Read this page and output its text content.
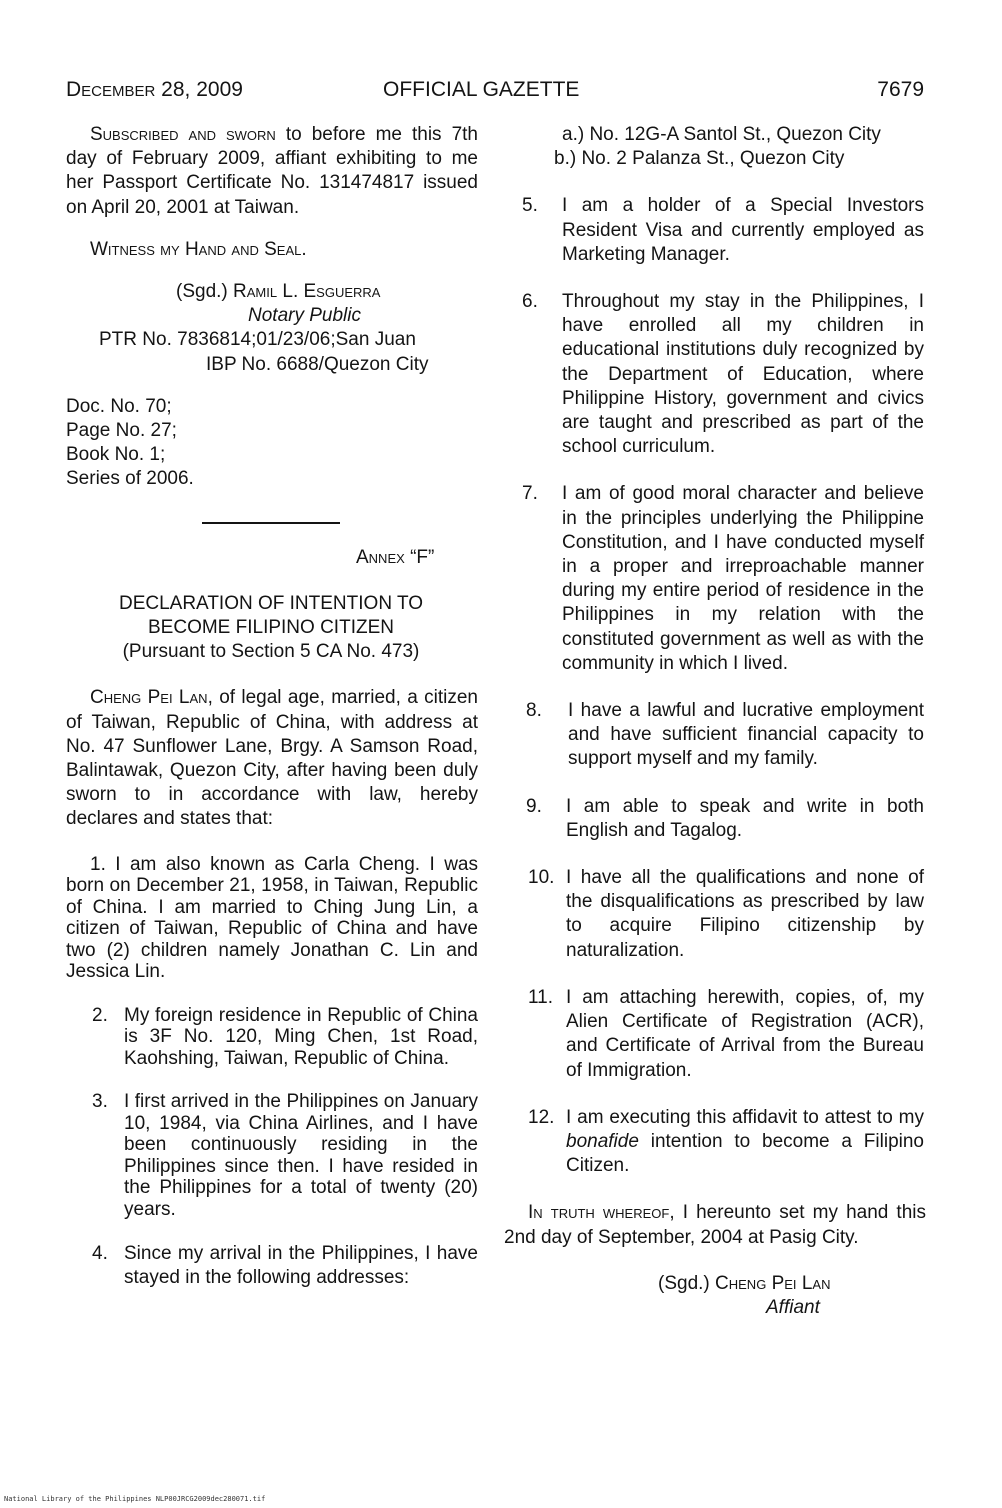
December 28, 2009	OFFICIAL GAZETTE	7679

Subscribed and sworn to before me this 7th day of February 2009, affiant exhibiting to me her Passport Certificate No. 131474817 issued on April 20, 2001 at Taiwan.

Witness my Hand and Seal.

(Sgd.) Ramil L. Esguerra

Notary Public

PTR No. 7836814;01/23/06;San Juan

IBP No. 6688/Quezon City

Doc. No. 70;

Page No. 27;

Book No. 1;

Series of 2006.

Annex “F”

DECLARATION OF INTENTION TO

BECOME FILIPINO CITIZEN

(Pursuant to Section 5 CA No. 473)

Cheng Pei Lan, of legal age, married, a citizen of Taiwan, Republic of China, with address at No. 47 Sunflower Lane, Brgy. A Samson Road, Balintawak, Quezon City, after having been duly sworn to in accordance with law, hereby declares and states that:

1. I am also known as Carla Cheng. I was born on December 21, 1958, in Taiwan, Republic of China. I am married to Ching Jung Lin, a citizen of Taiwan, Republic of China and have two (2) children namely Jonathan C. Lin and Jessica Lin.

2. My foreign residence in Republic of China is 3F No. 120, Ming Chen, 1st Road, Kaohshing, Taiwan, Republic of China.
3. I first arrived in the Philippines on January 10, 1984, via China Airlines, and I have been continuously residing in the Philippines since then. I have resided in the Philippines for a total of twenty (20) years.
4. Since my arrival in the Philippines, I have stayed in the following addresses:

a.) No. 12G-A Santol St., Quezon City

b.) No. 2 Palanza St., Quezon City

5.	I am a holder of a Special Investors Resident Visa and currently employed as Marketing Manager.
6.	Throughout my stay in the Philippines, I have enrolled all my children in educational institutions duly recognized by the Department of Education, where Philippine History, government and civics are taught and prescribed as part of the school curriculum.
7.	I am of good moral character and believe in the principles underlying the Philippine Constitution, and I have conducted myself in a proper and irreproachable manner during my entire period of residence in the Philippines in my relation with the constituted government as well as with the community in which I lived.
8.	I have a lawful and lucrative employment and have sufficient financial capacity to support myself and my family.
9.	I am able to speak and write in both English and Tagalog.
10. I have all the qualifications and none of the disqualifications as prescribed by law to acquire Filipino citizenship by naturalization.
11. I am attaching herewith, copies, of, my Alien Certificate of Registration (ACR), and Certificate of Arrival from the Bureau of Immigration.
12. I am executing this affidavit to attest to my bonafide intention to become a Filipino Citizen.

In truth whereof, I hereunto set my hand this 2nd day of September, 2004 at Pasig City.

(Sgd.) Cheng Pei Lan

Affiant

National Library of the Philippines NLP00JRCG2009dec280071.tif
